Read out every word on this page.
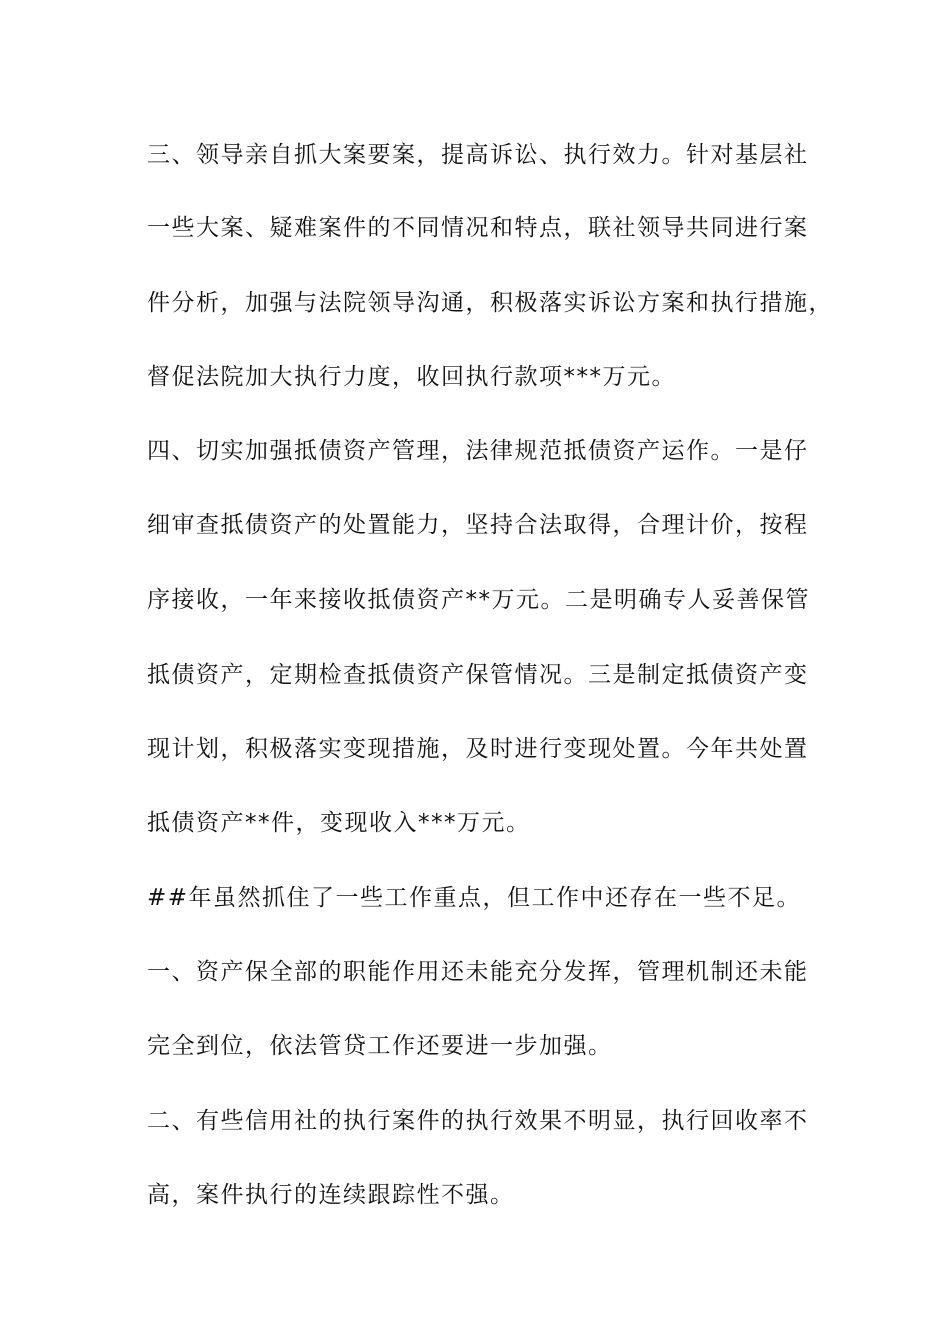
三、领导亲自抓大案要案，提高诉讼、执行效力。针对基层社
一些大案、疑难案件的不同情况和特点，联社领导共同进行案
件分析，加强与法院领导沟通，积极落实诉讼方案和执行措施，
督促法院加大执行力度，收回执行款项***万元。
四、切实加强抵债资产管理，法律规范抵债资产运作。一是仔
细审查抵债资产的处置能力，坚持合法取得，合理计价，按程
序接收，一年来接收抵债资产**万元。二是明确专人妥善保管
抵债资产，定期检查抵债资产保管情况。三是制定抵债资产变
现计划，积极落实变现措施，及时进行变现处置。今年共处置
抵债资产**件，变现收入***万元。
##年虽然抓住了一些工作重点，但工作中还存在一些不足。
一、资产保全部的职能作用还未能充分发挥，管理机制还未能
完全到位，依法管贷工作还要进一步加强。
二、有些信用社的执行案件的执行效果不明显，执行回收率不
高，案件执行的连续跟踪性不强。
